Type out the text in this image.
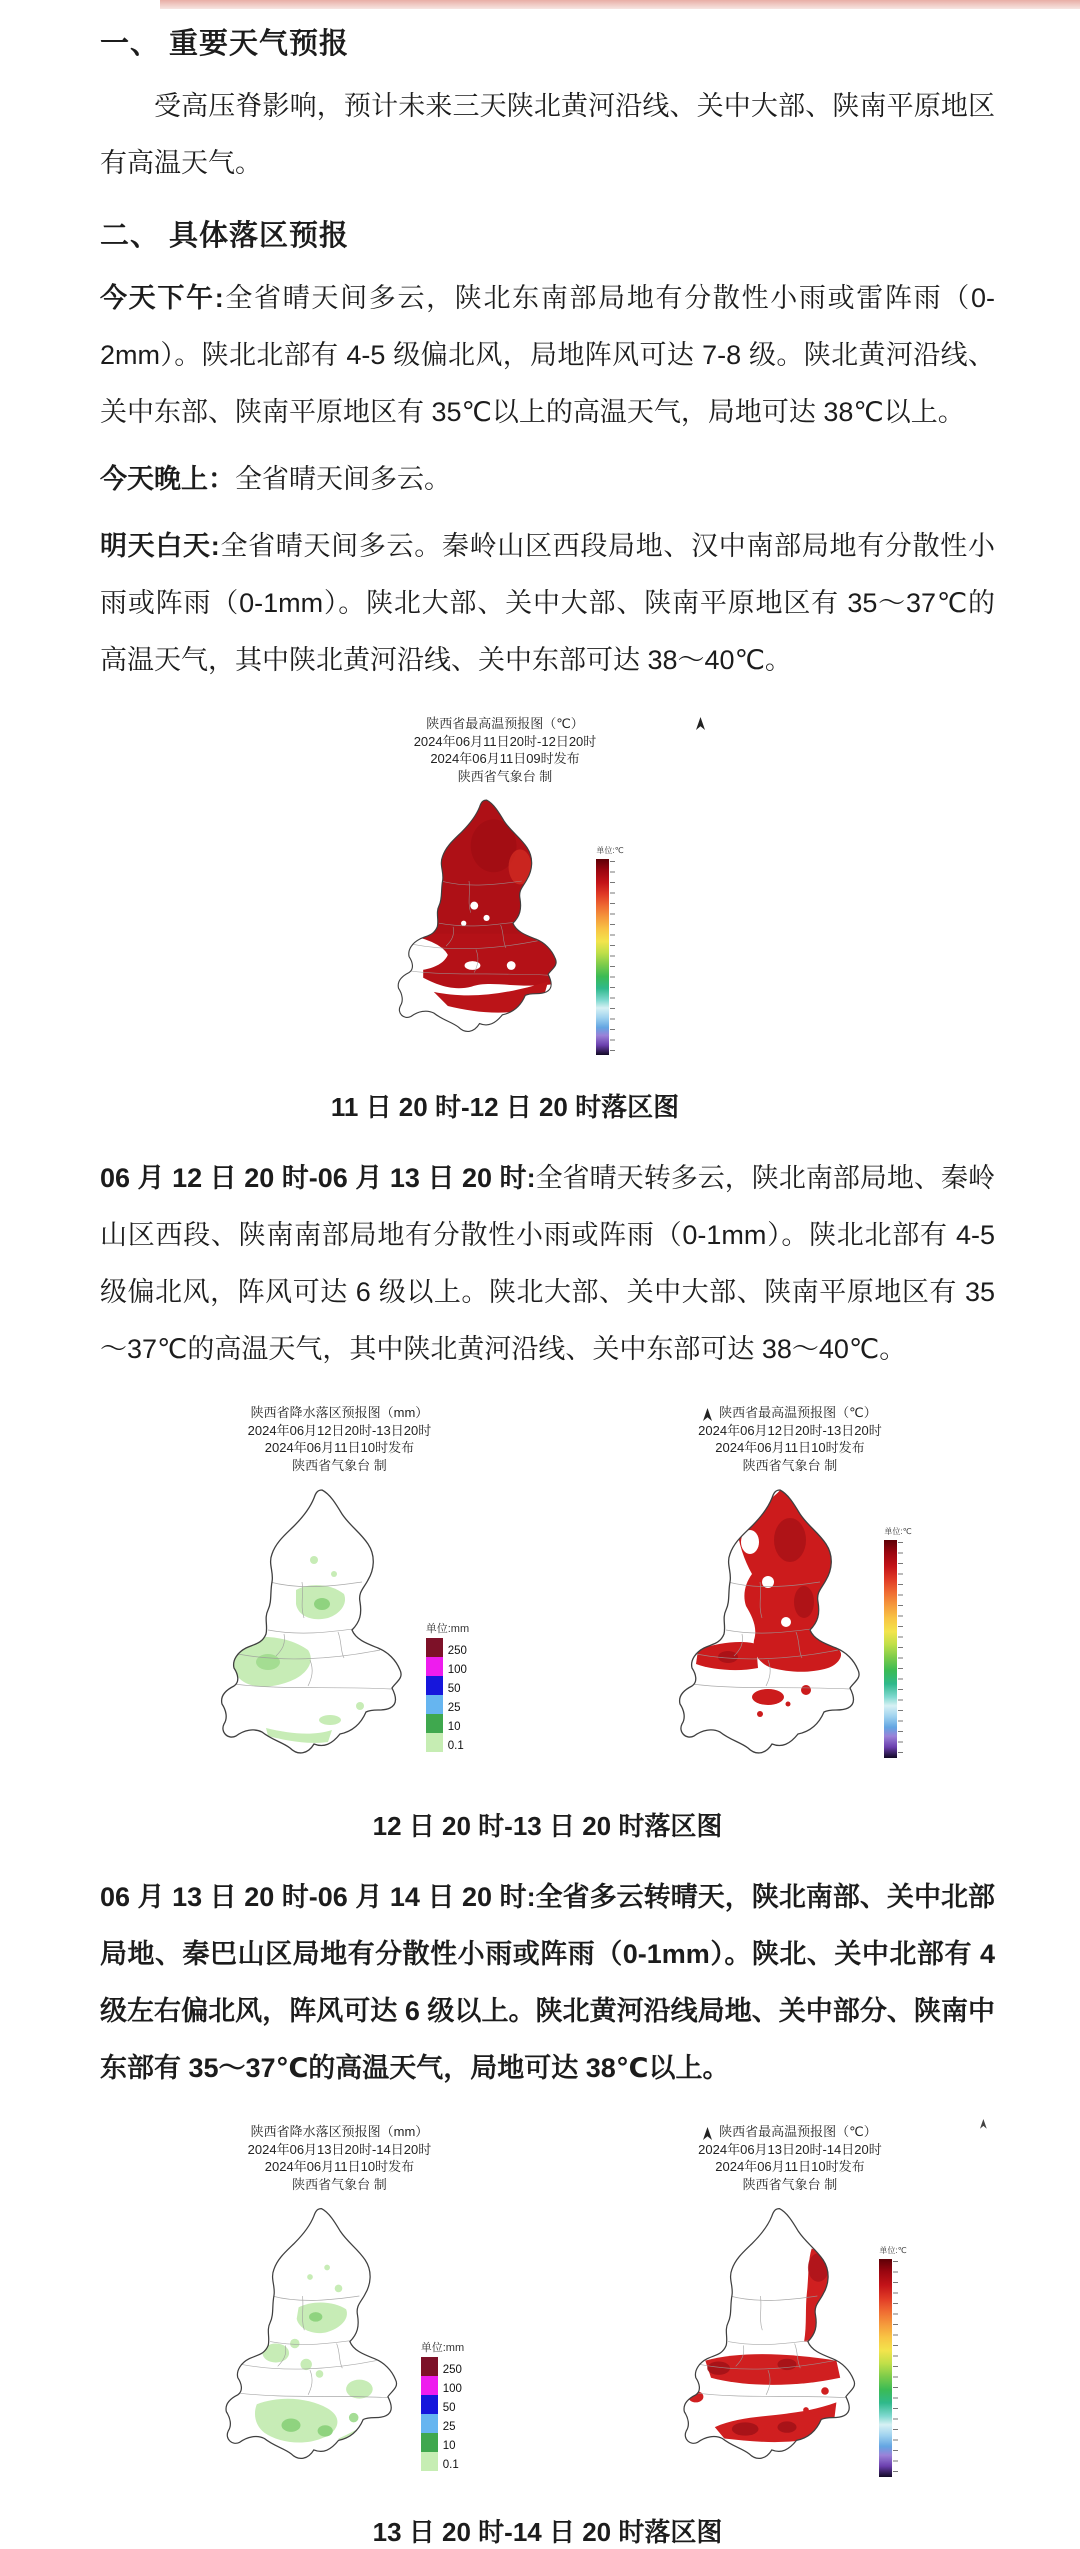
一、 重要天气预报

受高压脊影响，预计未来三天陕北黄河沿线、关中大部、陕南平原地区有高温天气。

二、 具体落区预报

今天下午:全省晴天间多云，陕北东南部局地有分散性小雨或雷阵雨（0-2mm）。陕北北部有 4-5 级偏北风，局地阵风可达 7-8 级。陕北黄河沿线、关中东部、陕南平原地区有 35℃以上的高温天气，局地可达 38℃以上。

今天晚上：全省晴天间多云。

明天白天:全省晴天间多云。秦岭山区西段局地、汉中南部局地有分散性小雨或阵雨（0-1mm）。陕北大部、关中大部、陕南平原地区有 35～37℃的高温天气，其中陕北黄河沿线、关中东部可达 38～40℃。

陕西省最高温预报图（℃）
2024年06月11日20时-12日20时
2024年06月11日09时发布
陕西省气象台 制
单位:℃
11 日 20 时-12 日 20 时落区图

06 月 12 日 20 时-06 月 13 日 20 时:全省晴天转多云，陕北南部局地、秦岭山区西段、陕南南部局地有分散性小雨或阵雨（0-1mm）。陕北北部有 4-5 级偏北风，阵风可达 6 级以上。陕北大部、关中大部、陕南平原地区有 35～37℃的高温天气，其中陕北黄河沿线、关中东部可达 38～40℃。

陕西省降水落区预报图（mm）
2024年06月12日20时-13日20时
2024年06月11日10时发布
陕西省气象台 制
单位:mm
250
100
50
25
10
0.1
陕西省最高温预报图（℃）
2024年06月12日20时-13日20时
2024年06月11日10时发布
陕西省气象台 制
单位:℃
12 日 20 时-13 日 20 时落区图

06 月 13 日 20 时-06 月 14 日 20 时:全省多云转晴天，陕北南部、关中北部局地、秦巴山区局地有分散性小雨或阵雨（0-1mm）。陕北、关中北部有 4 级左右偏北风，阵风可达 6 级以上。陕北黄河沿线局地、关中部分、陕南中东部有 35～37℃的高温天气，局地可达 38℃以上。

陕西省降水落区预报图（mm）
2024年06月13日20时-14日20时
2024年06月11日10时发布
陕西省气象台 制
单位:mm
250
100
50
25
10
0.1
陕西省最高温预报图（℃）
2024年06月13日20时-14日20时
2024年06月11日10时发布
陕西省气象台 制
单位:℃
13 日 20 时-14 日 20 时落区图
